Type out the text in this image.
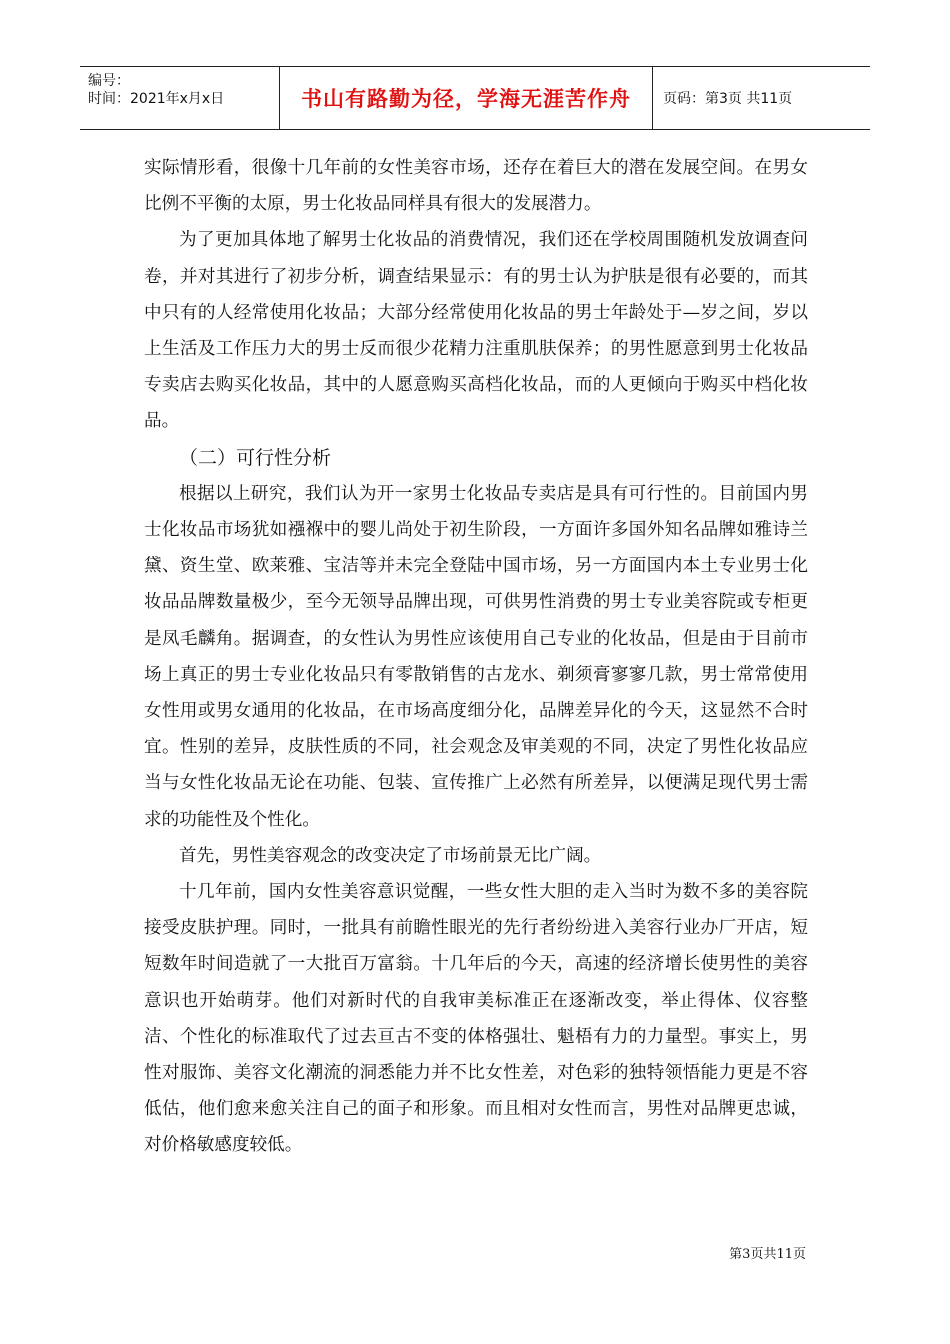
编号：
时间：2021年x月x日	书山有路勤为径，学海无涯苦作舟	页码：第3页 共11页

实际情形看，很像十几年前的女性美容市场，还存在着巨大的潜在发展空间。在男女比例不平衡的太原，男士化妆品同样具有很大的发展潜力。

为了更加具体地了解男士化妆品的消费情况，我们还在学校周围随机发放调查问卷，并对其进行了初步分析，调查结果显示：有的男士认为护肤是很有必要的，而其中只有的人经常使用化妆品；大部分经常使用化妆品的男士年龄处于—岁之间，岁以上生活及工作压力大的男士反而很少花精力注重肌肤保养；的男性愿意到男士化妆品专卖店去购买化妆品，其中的人愿意购买高档化妆品，而的人更倾向于购买中档化妆品。

（二）可行性分析

根据以上研究，我们认为开一家男士化妆品专卖店是具有可行性的。目前国内男士化妆品市场犹如襁褓中的婴儿尚处于初生阶段，一方面许多国外知名品牌如雅诗兰黛、资生堂、欧莱雅、宝洁等并未完全登陆中国市场，另一方面国内本土专业男士化妆品品牌数量极少，至今无领导品牌出现，可供男性消费的男士专业美容院或专柜更是凤毛麟角。据调查，的女性认为男性应该使用自己专业的化妆品，但是由于目前市场上真正的男士专业化妆品只有零散销售的古龙水、剃须膏寥寥几款，男士常常使用女性用或男女通用的化妆品，在市场高度细分化，品牌差异化的今天，这显然不合时宜。性别的差异，皮肤性质的不同，社会观念及审美观的不同，决定了男性化妆品应当与女性化妆品无论在功能、包装、宣传推广上必然有所差异，以便满足现代男士需求的功能性及个性化。

首先，男性美容观念的改变决定了市场前景无比广阔。

十几年前，国内女性美容意识觉醒，一些女性大胆的走入当时为数不多的美容院接受皮肤护理。同时，一批具有前瞻性眼光的先行者纷纷进入美容行业办厂开店，短短数年时间造就了一大批百万富翁。十几年后的今天，高速的经济增长使男性的美容意识也开始萌芽。他们对新时代的自我审美标准正在逐渐改变，举止得体、仪容整洁、个性化的标准取代了过去亘古不变的体格强壮、魁梧有力的力量型。事实上，男性对服饰、美容文化潮流的洞悉能力并不比女性差，对色彩的独特领悟能力更是不容低估，他们愈来愈关注自己的面子和形象。而且相对女性而言，男性对品牌更忠诚，对价格敏感度较低。

第3页共11页
